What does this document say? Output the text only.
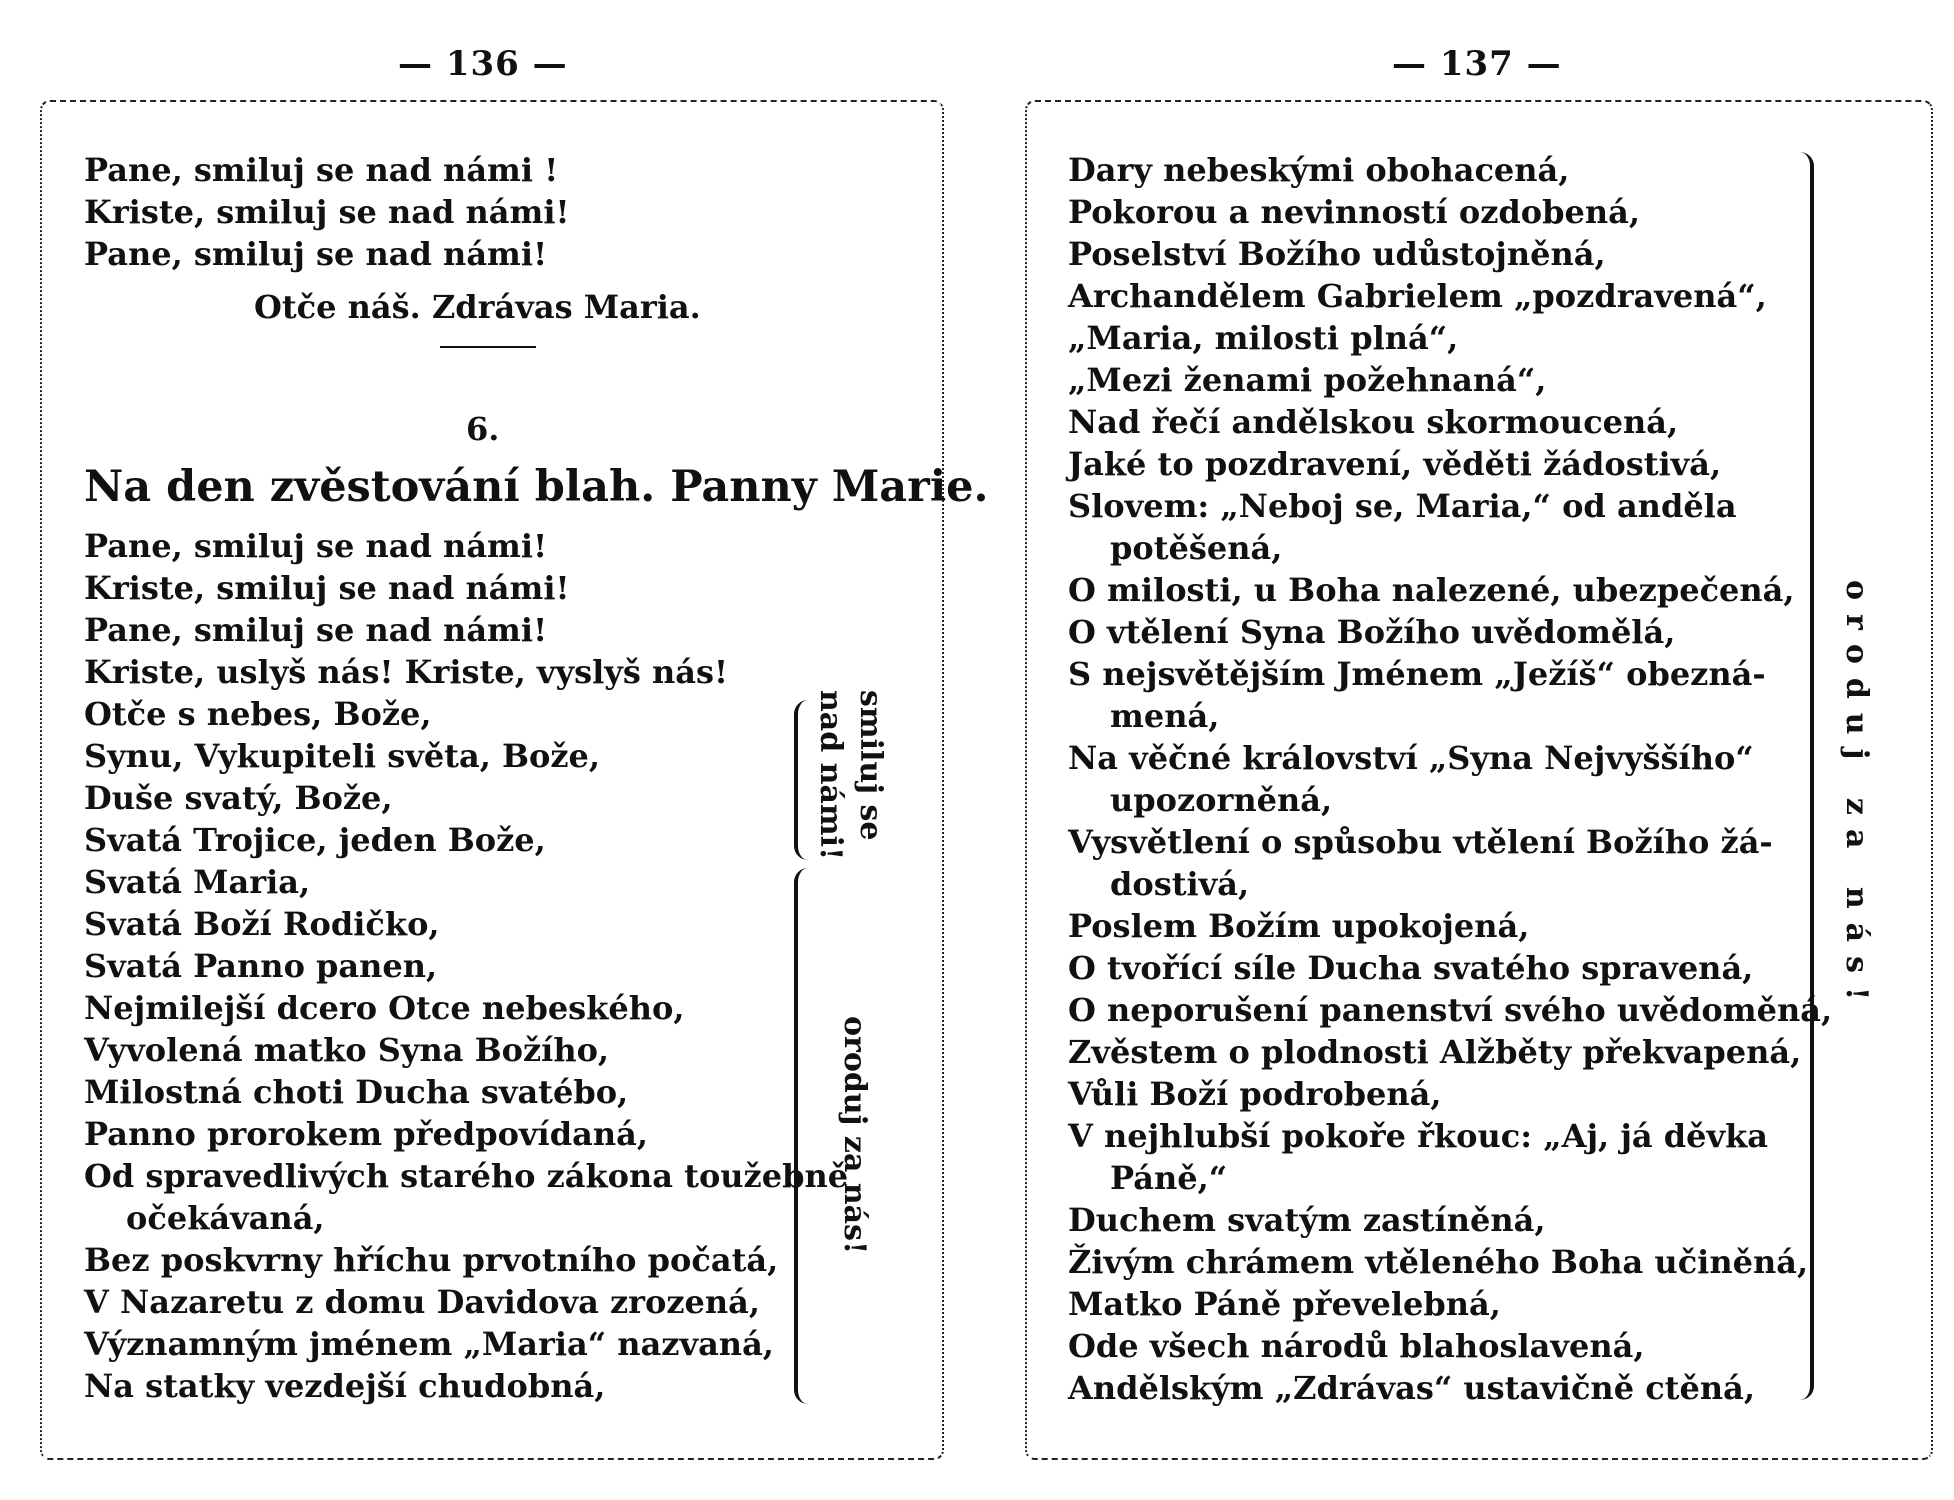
— 136 —
Pane, smiluj se nad námi !
Kriste, smiluj se nad námi!
Pane, smiluj se nad námi!
Otče náš. Zdrávas Maria.
6.
Na den zvěstování blah. Panny Marie.
Pane, smiluj se nad námi!
Kriste, smiluj se nad námi!
Pane, smiluj se nad námi!
Kriste, uslyš nás! Kriste, vyslyš nás!
Otče s nebes, Bože,
Synu, Vykupiteli světa, Bože,
Duše svatý, Bože,
Svatá Trojice, jeden Bože,
Svatá Maria,
Svatá Boží Rodičko,
Svatá Panno panen,
Nejmilejší dcero Otce nebeského,
Vyvolená matko Syna Božího,
Milostná choti Ducha svatébo,
Panno prorokem předpovídaná,
Od spravedlivých starého zákona toužebně
očekávaná,
Bez poskvrny hříchu prvotního počatá,
V Nazaretu z domu Davidova zrozená,
Významným jménem „Maria“ nazvaná,
Na statky vezdejší chudobná,
smiluj se
nad námi!
oroduj za nás!
— 137 —
Dary nebeskými obohacená,
Pokorou a nevinností ozdobená,
Poselství Božího udůstojněná,
Archandělem Gabrielem „pozdravená“,
„Maria, milosti plná“,
„Mezi ženami požehnaná“,
Nad řečí andělskou skormoucená,
Jaké to pozdravení, věděti žádostivá,
Slovem: „Neboj se, Maria,“ od anděla
potěšená,
O milosti, u Boha nalezené, ubezpečená,
O vtělení Syna Božího uvědomělá,
S nejsvětějším Jménem „Ježíš“ obezná-
mená,
Na věčné království „Syna Nejvyššího“
upozorněná,
Vysvětlení o spůsobu vtělení Božího žá-
dostivá,
Poslem Božím upokojená,
O tvořící síle Ducha svatého spravená,
O neporušení panenství svého uvědoměná,
Zvěstem o plodnosti Alžběty překvapená,
Vůli Boží podrobená,
V nejhlubší pokoře řkouc: „Aj, já děvka
Páně,“
Duchem svatým zastíněná,
Živým chrámem vtěleného Boha učiněná,
Matko Páně převelebná,
Ode všech národů blahoslavená,
Andělským „Zdrávas“ ustavičně ctěná,
oroduj za nás!
